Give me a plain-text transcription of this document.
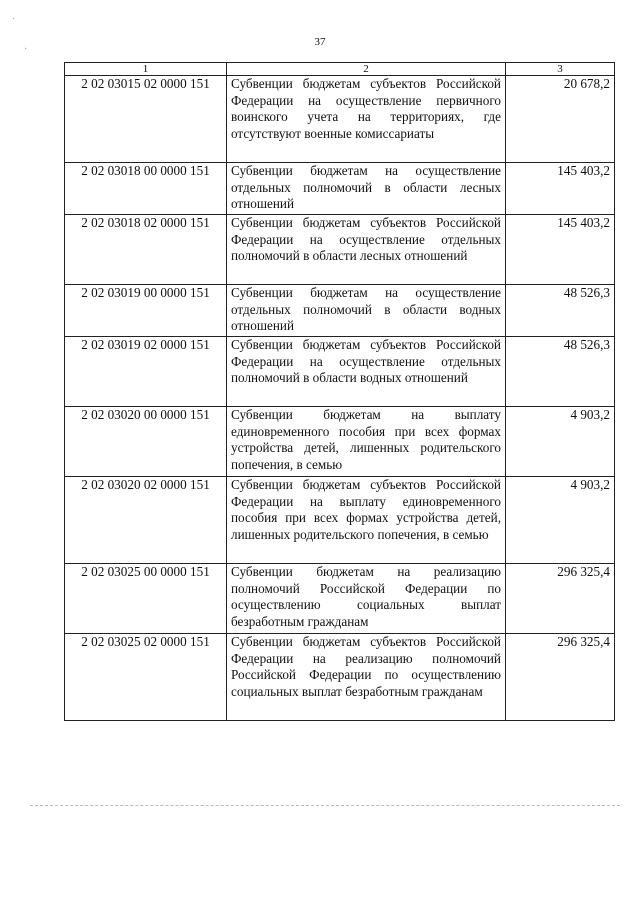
37
1	2	3
2 02 03015 02 0000 151	Субвенции бюджетам субъектов Российской Федерации на осуществление первичного воинского учета на территориях, где отсутствуют военные комиссариаты	20 678,2
2 02 03018 00 0000 151	Субвенции бюджетам на осуществление отдельных полномочий в области лесных отношений	145 403,2
2 02 03018 02 0000 151	Субвенции бюджетам субъектов Российской Федерации на осуществление отдельных полномочий в области лесных отношений	145 403,2
2 02 03019 00 0000 151	Субвенции бюджетам на осуществление отдельных полномочий в области водных отношений	48 526,3
2 02 03019 02 0000 151	Субвенции бюджетам субъектов Российской Федерации на осуществление отдельных полномочий в области водных отношений	48 526,3
2 02 03020 00 0000 151	Субвенции бюджетам на выплату единовременного пособия при всех формах устройства детей, лишенных родительского попечения, в семью	4 903,2
2 02 03020 02 0000 151	Субвенции бюджетам субъектов Российской Федерации на выплату единовременного пособия при всех формах устройства детей, лишенных родительского попечения, в семью	4 903,2
2 02 03025 00 0000 151	Субвенции бюджетам на реализацию полномочий Российской Федерации по осуществлению социальных выплат безработным гражданам	296 325,4
2 02 03025 02 0000 151	Субвенции бюджетам субъектов Российской Федерации на реализацию полномочий Российской Федерации по осуществлению социальных выплат безработным гражданам	296 325,4
·
·
